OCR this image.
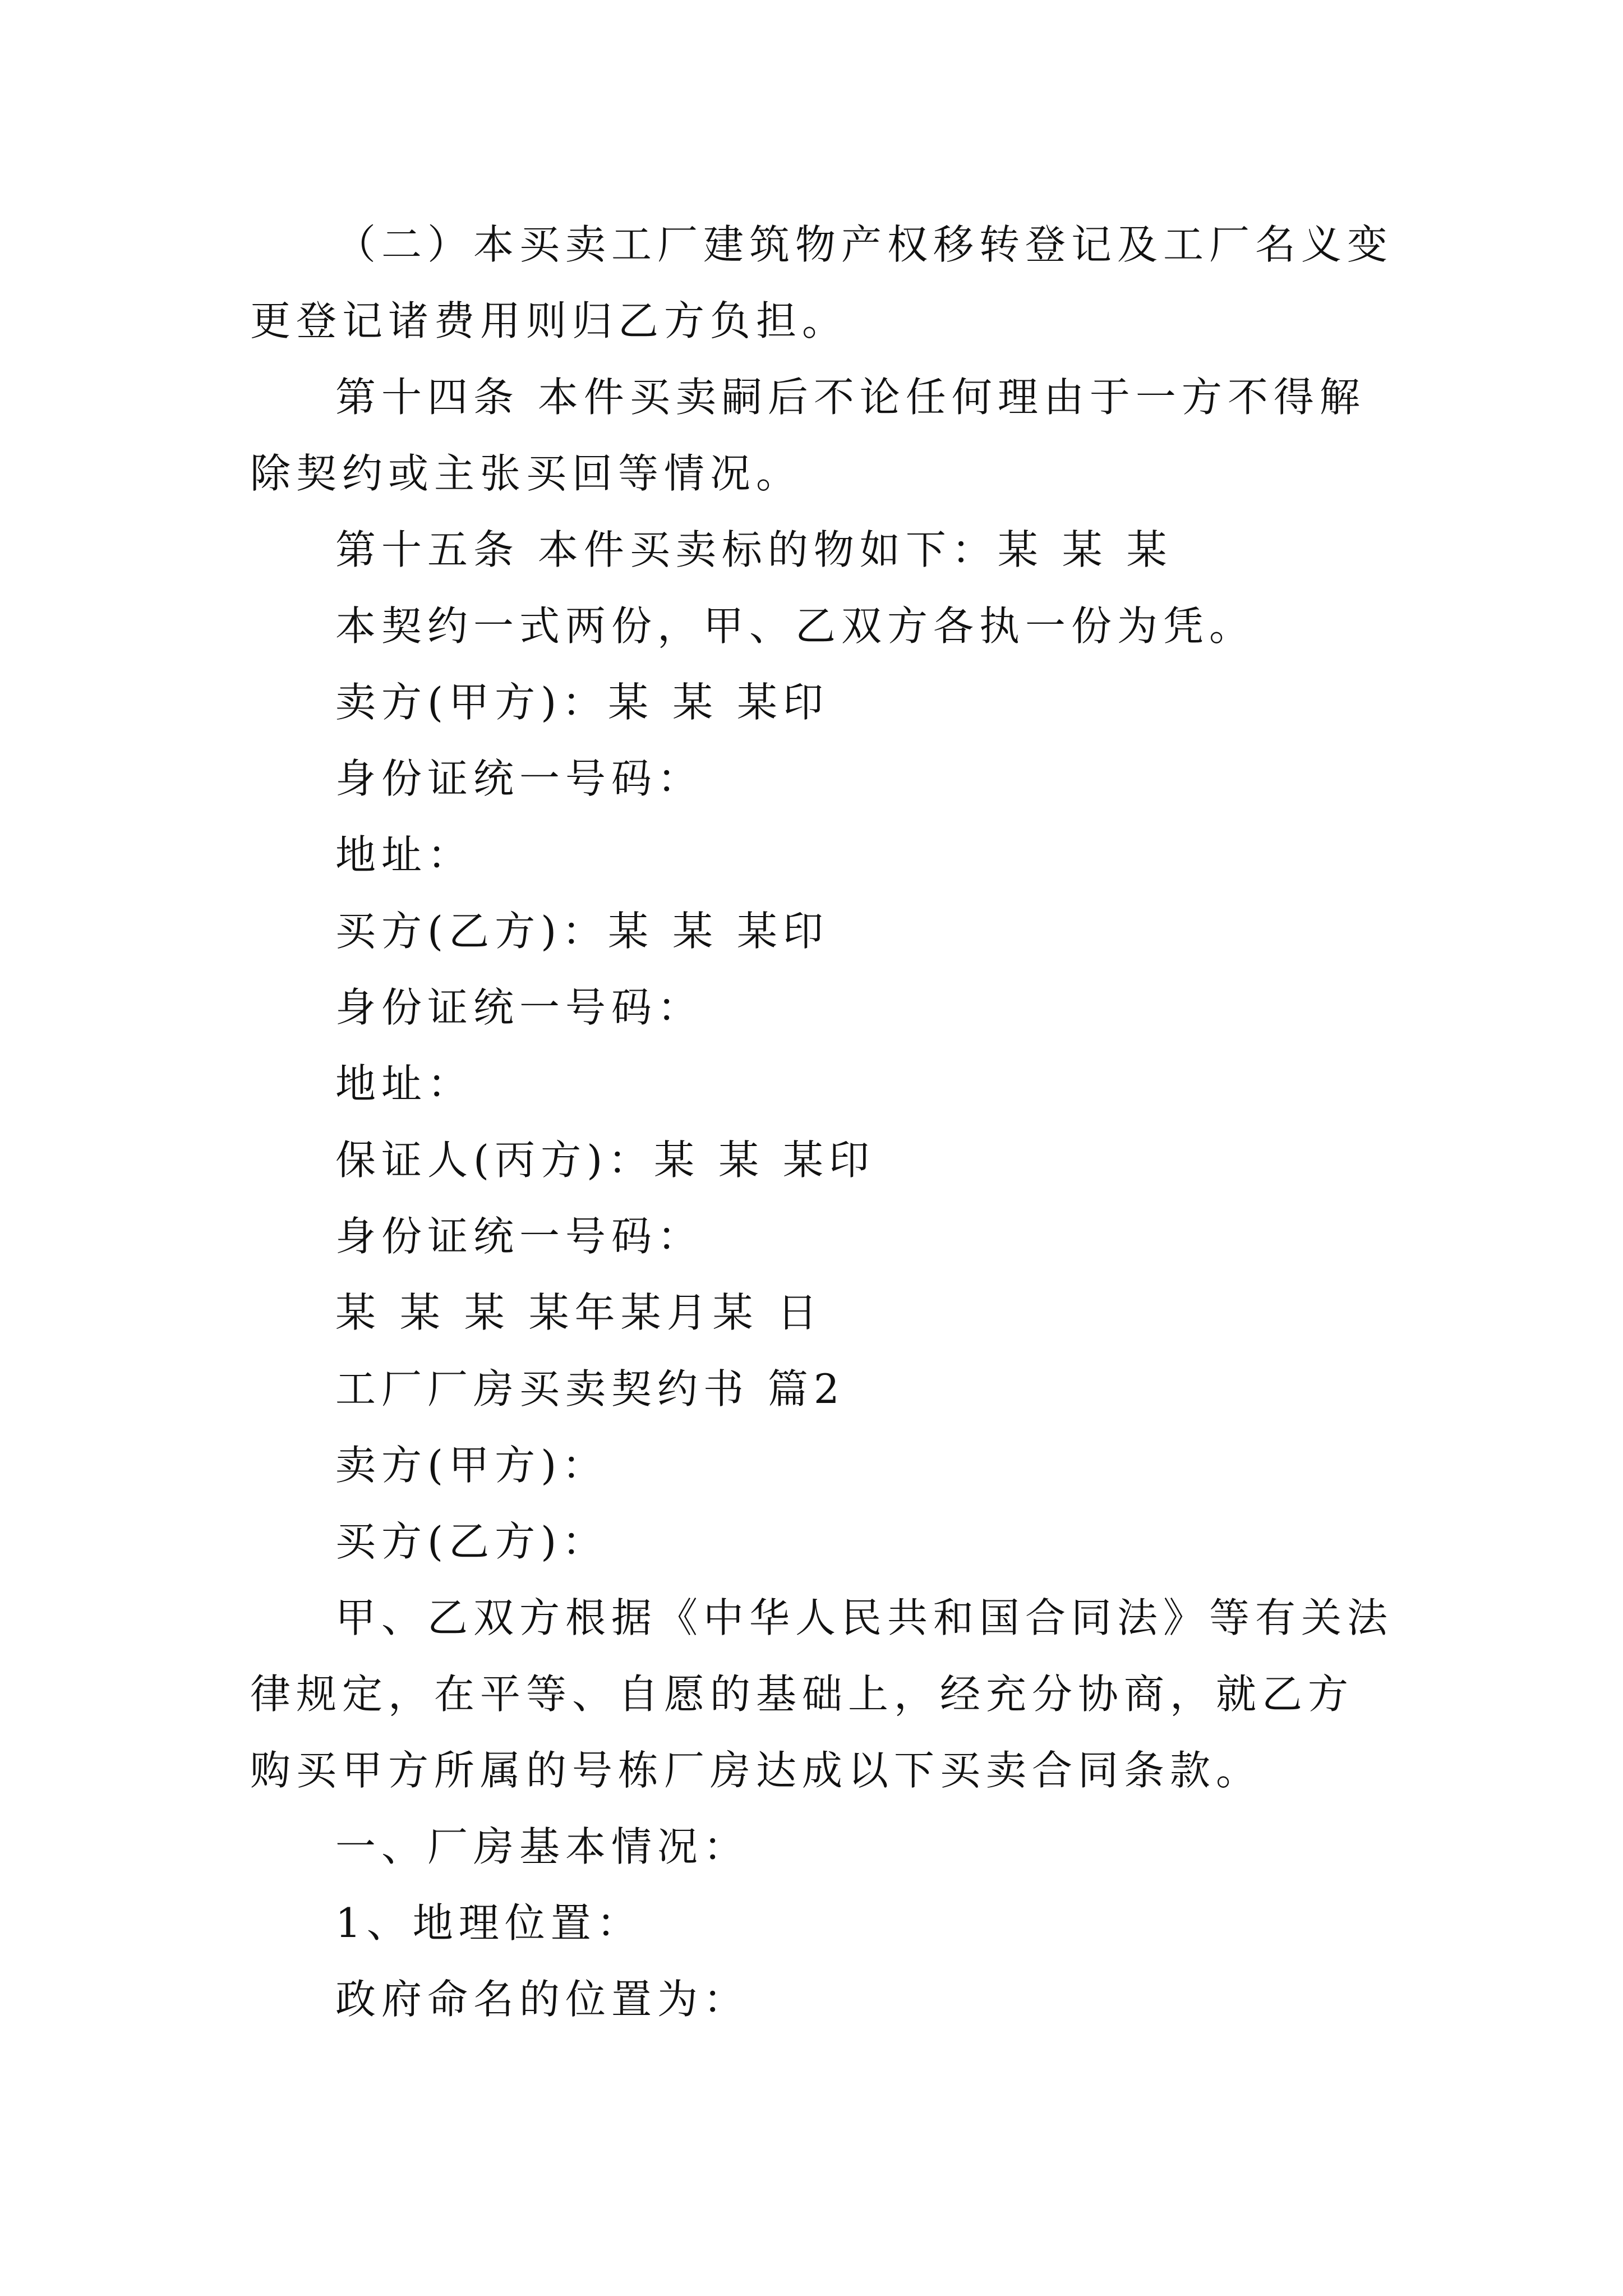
（二）本买卖工厂建筑物产权移转登记及工厂名义变更登记诸费用则归乙方负担。
第十四条 本件买卖嗣后不论任何理由于一方不得解除契约或主张买回等情况。
第十五条 本件买卖标的物如下：某 某 某
本契约一式两份，甲、乙双方各执一份为凭。
卖方(甲方)：某 某 某印
身份证统一号码：
地址：
买方(乙方)：某 某 某印
身份证统一号码：
地址：
保证人(丙方)：某 某 某印
身份证统一号码：
某 某 某 某年某月某 日
工厂厂房买卖契约书 篇2
卖方(甲方)：
买方(乙方)：
甲、乙双方根据《中华人民共和国合同法》等有关法律规定，在平等、自愿的基础上，经充分协商，就乙方购买甲方所属的号栋厂房达成以下买卖合同条款。
一、厂房基本情况：
1、地理位置：
政府命名的位置为：
